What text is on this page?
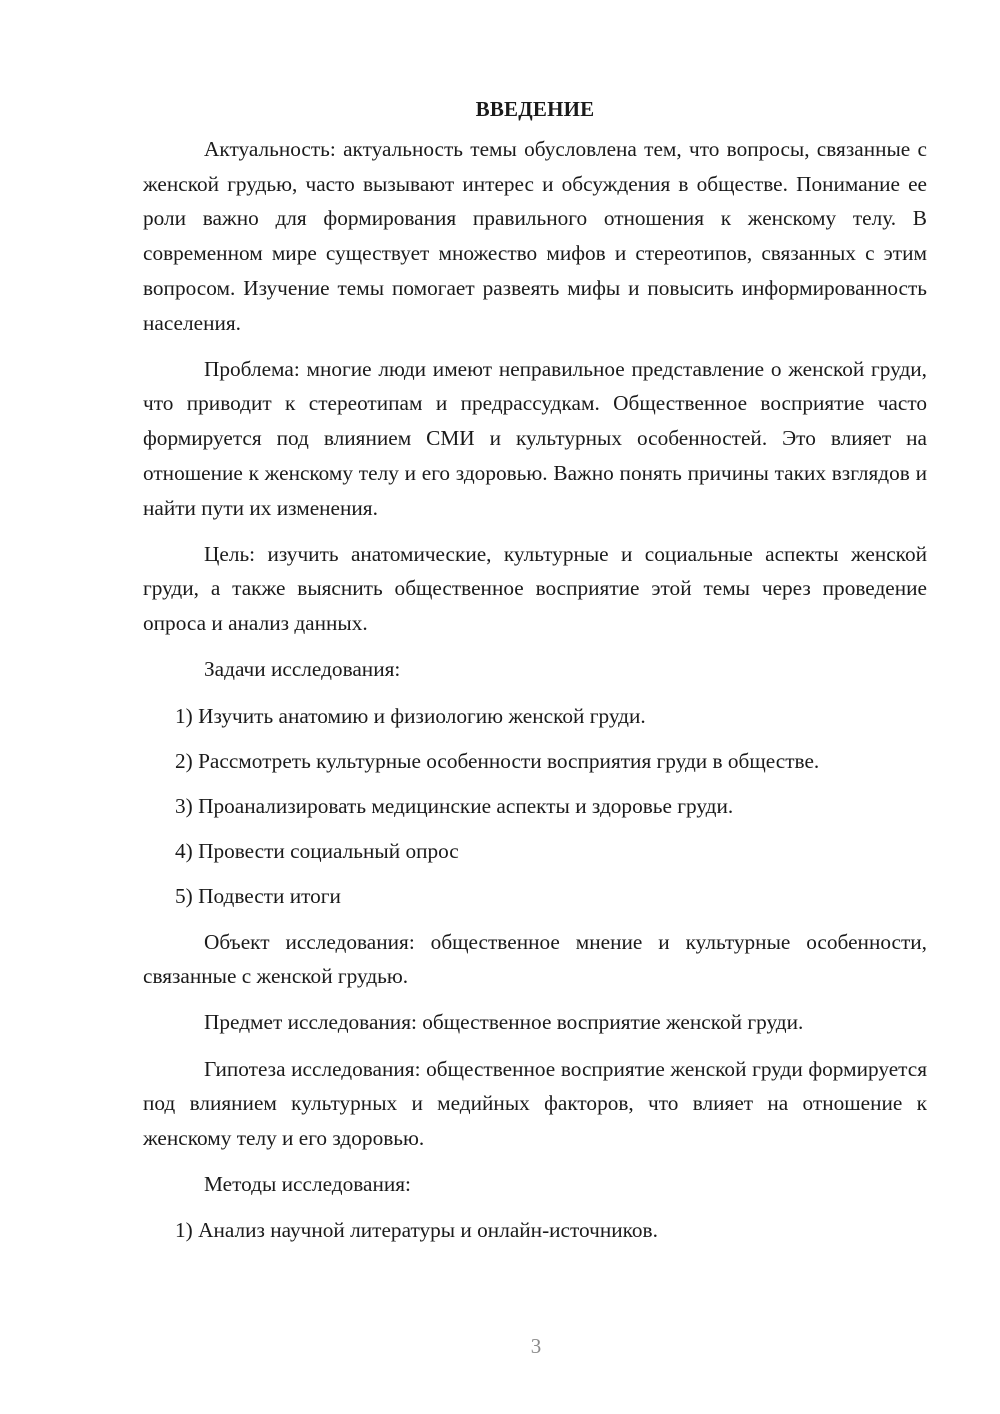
ВВЕДЕНИЕ

Актуальность: актуальность темы обусловлена тем, что вопросы, связанные с женской грудью, часто вызывают интерес и обсуждения в обществе. Понимание ее роли важно для формирования правильного отношения к женскому телу. В современном мире существует множество мифов и стереотипов, связанных с этим вопросом. Изучение темы помогает развеять мифы и повысить информированность населения.

Проблема: многие люди имеют неправильное представление о женской груди, что приводит к стереотипам и предрассудкам. Общественное восприятие часто формируется под влиянием СМИ и культурных особенностей. Это влияет на отношение к женскому телу и его здоровью. Важно понять причины таких взглядов и найти пути их изменения.

Цель: изучить анатомические, культурные и социальные аспекты женской груди, а также выяснить общественное восприятие этой темы через проведение опроса и анализ данных.

Задачи исследования:

1) Изучить анатомию и физиологию женской груди.

2) Рассмотреть культурные особенности восприятия груди в обществе.

3) Проанализировать медицинские аспекты и здоровье груди.

4) Провести социальный опрос

5) Подвести итоги

Объект исследования: общественное мнение и культурные особенности, связанные с женской грудью.

Предмет исследования: общественное восприятие женской груди.

Гипотеза исследования: общественное восприятие женской груди формируется под влиянием культурных и медийных факторов, что влияет на отношение к женскому телу и его здоровью.

Методы исследования:

1) Анализ научной литературы и онлайн-источников.

3
